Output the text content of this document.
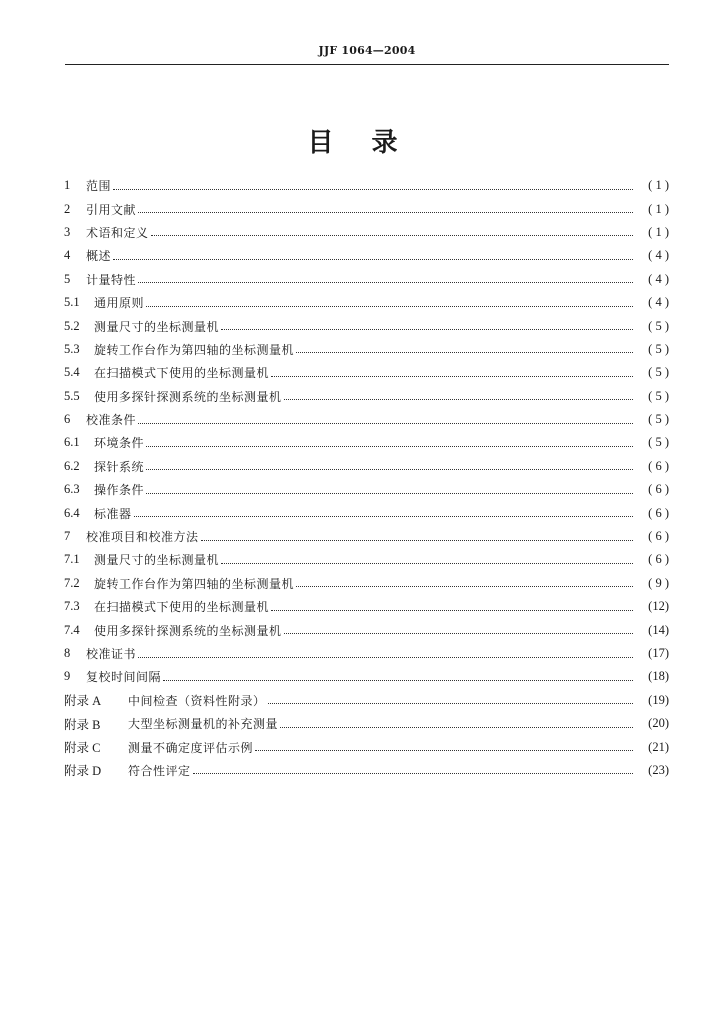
JJF 1064—2004
目录
1	范围	( 1 )
2	引用文献	( 1 )
3	术语和定义	( 1 )
4	概述	( 4 )
5	计量特性	( 4 )
5.1	通用原则	( 4 )
5.2	测量尺寸的坐标测量机	( 5 )
5.3	旋转工作台作为第四轴的坐标测量机	( 5 )
5.4	在扫描模式下使用的坐标测量机	( 5 )
5.5	使用多探针探测系统的坐标测量机	( 5 )
6	校准条件	( 5 )
6.1	环境条件	( 5 )
6.2	探针系统	( 6 )
6.3	操作条件	( 6 )
6.4	标准器	( 6 )
7	校准项目和校准方法	( 6 )
7.1	测量尺寸的坐标测量机	( 6 )
7.2	旋转工作台作为第四轴的坐标测量机	( 9 )
7.3	在扫描模式下使用的坐标测量机	(12)
7.4	使用多探针探测系统的坐标测量机	(14)
8	校准证书	(17)
9	复校时间间隔	(18)
附录 A	中间检查（资料性附录）	(19)
附录 B	大型坐标测量机的补充测量	(20)
附录 C	测量不确定度评估示例	(21)
附录 D	符合性评定	(23)
